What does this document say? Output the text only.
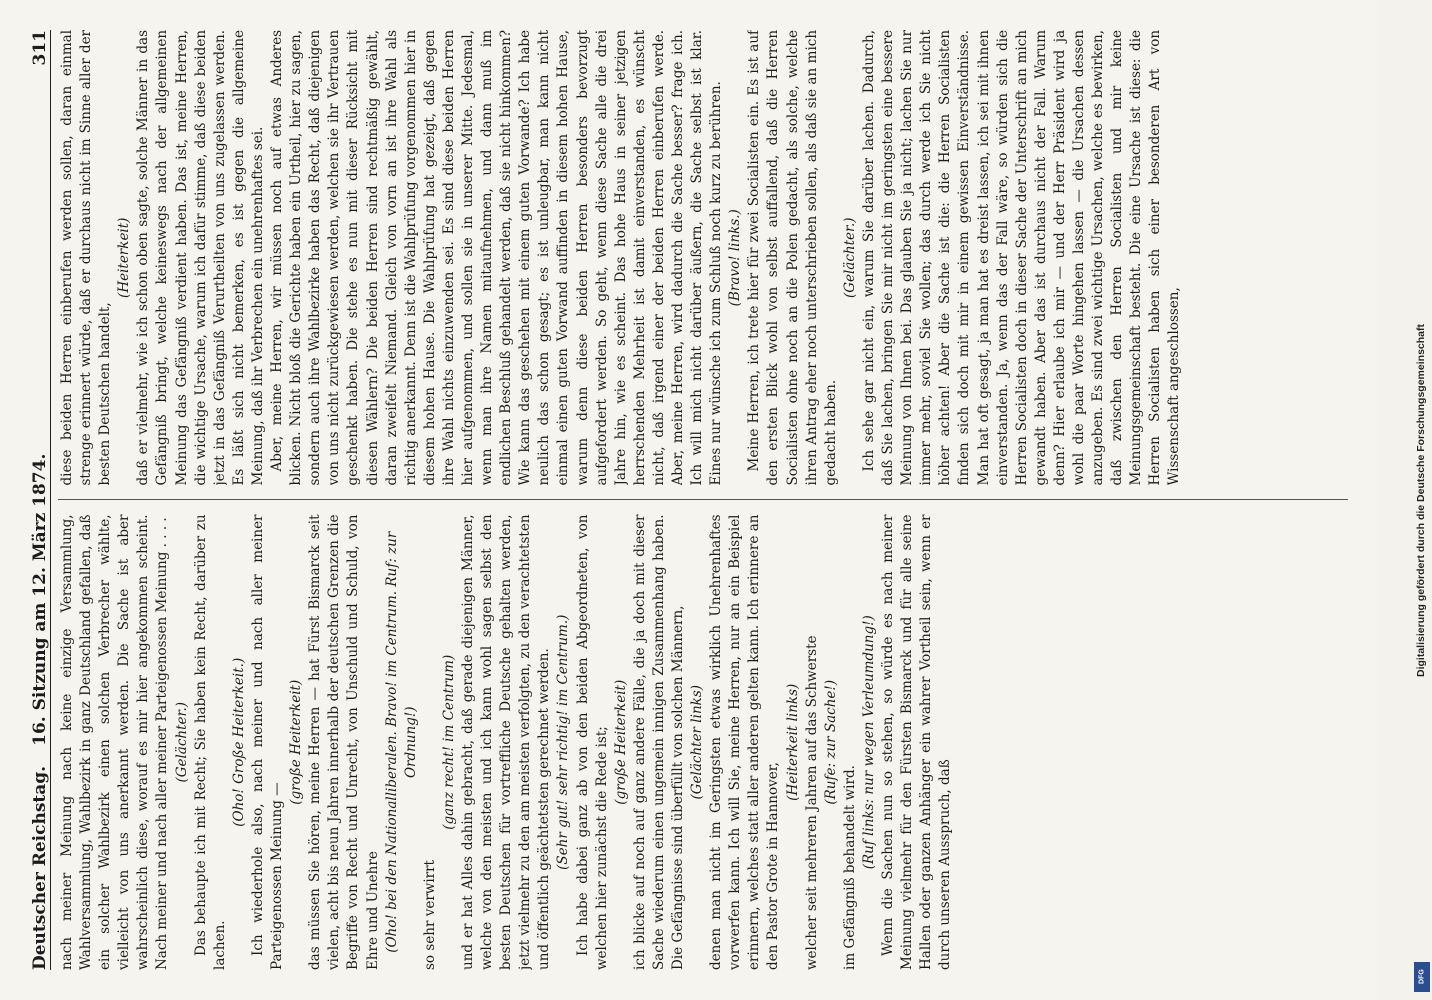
Deutscher Reichstag.
16. Sitzung am 12. März 1874.
311

nach meiner Meinung nach keine einzige Versammlung, Wahlversammlung, Wahlbezirk in ganz Deutschland gefallen, daß ein solcher Wahlbezirk einen solchen Verbrecher wählte, vielleicht von uns anerkannt werden. Die Sache ist aber wahrscheinlich diese, worauf es mir hier angekommen scheint. Nach meiner und nach aller meiner Parteigenossen Meinung . . . . (Gelächter.) Das behaupte ich mit Recht; Sie haben kein Recht, darüber zu lachen.

(Oho! Große Heiterkeit.) Ich wiederhole also, nach meiner und nach aller meiner Parteigenossen Meinung —

(große Heiterkeit) das müssen Sie hören, meine Herren — hat Fürst Bismarck seit vielen, acht bis neun Jahren innerhalb der deutschen Grenzen die Begriffe von Recht und Unrecht, von Unschuld und Schuld, von Ehre und Unehre (Oho! bei den Nationalliberalen. Bravo! im Centrum. Ruf: zur Ordnung!)

so sehr verwirrt

(ganz recht! im Centrum) und er hat Alles dahin gebracht, daß gerade diejenigen Männer, welche von den meisten und ich kann wohl sagen selbst den besten Deutschen für vortreffliche Deutsche gehalten werden, jetzt vielmehr zu den am meisten verfolgten, zu den verachtetsten und öffentlich geächtetsten gerechnet werden. (Sehr gut! sehr richtig! im Centrum.) Ich habe dabei ganz ab von den beiden Abgeordneten, von welchen hier zunächst die Rede ist; (große Heiterkeit) ich blicke auf noch auf ganz andere Fälle, die ja doch mit dieser Sache wiederum einen ungemein innigen Zusammenhang haben. Die Gefängnisse sind überfüllt von solchen Männern, (Gelächter links) denen man nicht im Geringsten etwas wirklich Unehrenhaftes vorwerfen kann. Ich will Sie, meine Herren, nur an ein Beispiel erinnern, welches statt aller anderen gelten kann. Ich erinnere an den Pastor Grote in Hannover,

(Heiterkeit links) welcher seit mehreren Jahren auf das Schwerste (Rufe: zur Sache!)

im Gefängniß behandelt wird. (Ruf links: nur wegen Verleumdung!) Wenn die Sachen nun so stehen, so würde es nach meiner Meinung vielmehr für den Fürsten Bismarck und für alle seine Hallen oder ganzen Anhänger ein wahrer Vortheil sein, wenn er durch unseren Ausspruch, daß

diese beiden Herren einberufen werden sollen, daran einmal strenge erinnert würde, daß er durchaus nicht im Sinne aller der besten Deutschen handelt,

(Heiterkeit) daß er vielmehr, wie ich schon oben sagte, solche Männer in das Gefängniß bringt, welche keineswegs nach der allgemeinen Meinung das Gefängniß verdient haben. Das ist, meine Herren, die wichtige Ursache, warum ich dafür stimme, daß diese beiden jetzt in das Gefängniß Verurtheilten von uns zugelassen werden. Es läßt sich nicht bemerken, es ist gegen die allgemeine Meinung, daß ihr Verbrechen ein unehrenhaftes sei. Aber, meine Herren, wir müssen noch auf etwas Anderes blicken. Nicht bloß die Gerichte haben ein Urtheil, hier zu sagen, sondern auch ihre Wahlbezirke haben das Recht, daß diejenigen von uns nicht zurückgewiesen werden, welchen sie ihr Vertrauen geschenkt haben. Die stehe es nun mit dieser Rücksicht mit diesen Wählern? Die beiden Herren sind rechtmäßig gewählt, daran zweifelt Niemand. Gleich von vorn an ist ihre Wahl als richtig anerkannt. Denn ist die Wahlprüfung vorgenommen hier in diesem hohen Hause. Die Wahlprüfung hat gezeigt, daß gegen ihre Wahl nichts einzuwenden sei. Es sind diese beiden Herren hier aufgenommen, und sollen sie in unserer Mitte. Jedesmal, wenn man ihre Namen mitaufnehmen, und dann muß im endlichen Beschluß gehandelt werden, daß sie nicht hinkommen? Wie kann das geschehen mit einem guten Vorwande? Ich habe neulich das schon gesagt; es ist unleugbar, man kann nicht einmal einen guten Vorwand auffinden in diesem hohen Hause, warum denn diese beiden Herren besonders bevorzugt aufgefordert werden. So geht, wenn diese Sache alle die drei Jahre hin, wie es scheint. Das hohe Haus in seiner jetzigen herrschenden Mehrheit ist damit einverstanden, es wünscht nicht, daß irgend einer der beiden Herren einberufen werde. Aber, meine Herren, wird dadurch die Sache besser? frage ich. Ich will mich nicht darüber äußern, die Sache selbst ist klar. Eines nur wünsche ich zum Schluß noch kurz zu berühren. (Bravo! links.) Meine Herren, ich trete hier für zwei Socialisten ein. Es ist auf den ersten Blick wohl von selbst auffallend, daß die Herren Socialisten ohne noch an die Polen gedacht, als solche, welche ihren Antrag eher noch unterschrieben sollen, als daß sie an mich gedacht haben.

(Gelächter.) Ich sehe gar nicht ein, warum Sie darüber lachen. Dadurch, daß Sie lachen, bringen Sie mir nicht im geringsten eine bessere Meinung von Ihnen bei. Das glauben Sie ja nicht; lachen Sie nur immer mehr, soviel Sie wollen; das durch werde ich Sie nicht höher achten! Aber die Sache ist die: die Herren Socialisten finden sich doch mit mir in einem gewissen Einverständnisse. Man hat oft gesagt, ja man hat es dreist lassen, ich sei mit ihnen einverstanden. Ja, wenn das der Fall wäre, so würden sich die Herren Socialisten doch in dieser Sache der Unterschrift an mich gewandt haben. Aber das ist durchaus nicht der Fall. Warum denn? Hier erlaube ich mir — und der Herr Präsident wird ja wohl die paar Worte hingehen lassen — die Ursachen dessen anzugeben. Es sind zwei wichtige Ursachen, welche es bewirken, daß zwischen den Herren Socialisten und mir keine Meinungsgemeinschaft besteht. Die eine Ursache ist diese: die Herren Socialisten haben sich einer besonderen Art von Wissenschaft angeschlossen,	Digitalisierung gefördert durch die Deutsche Forschungsgemeinschaft
DFG
